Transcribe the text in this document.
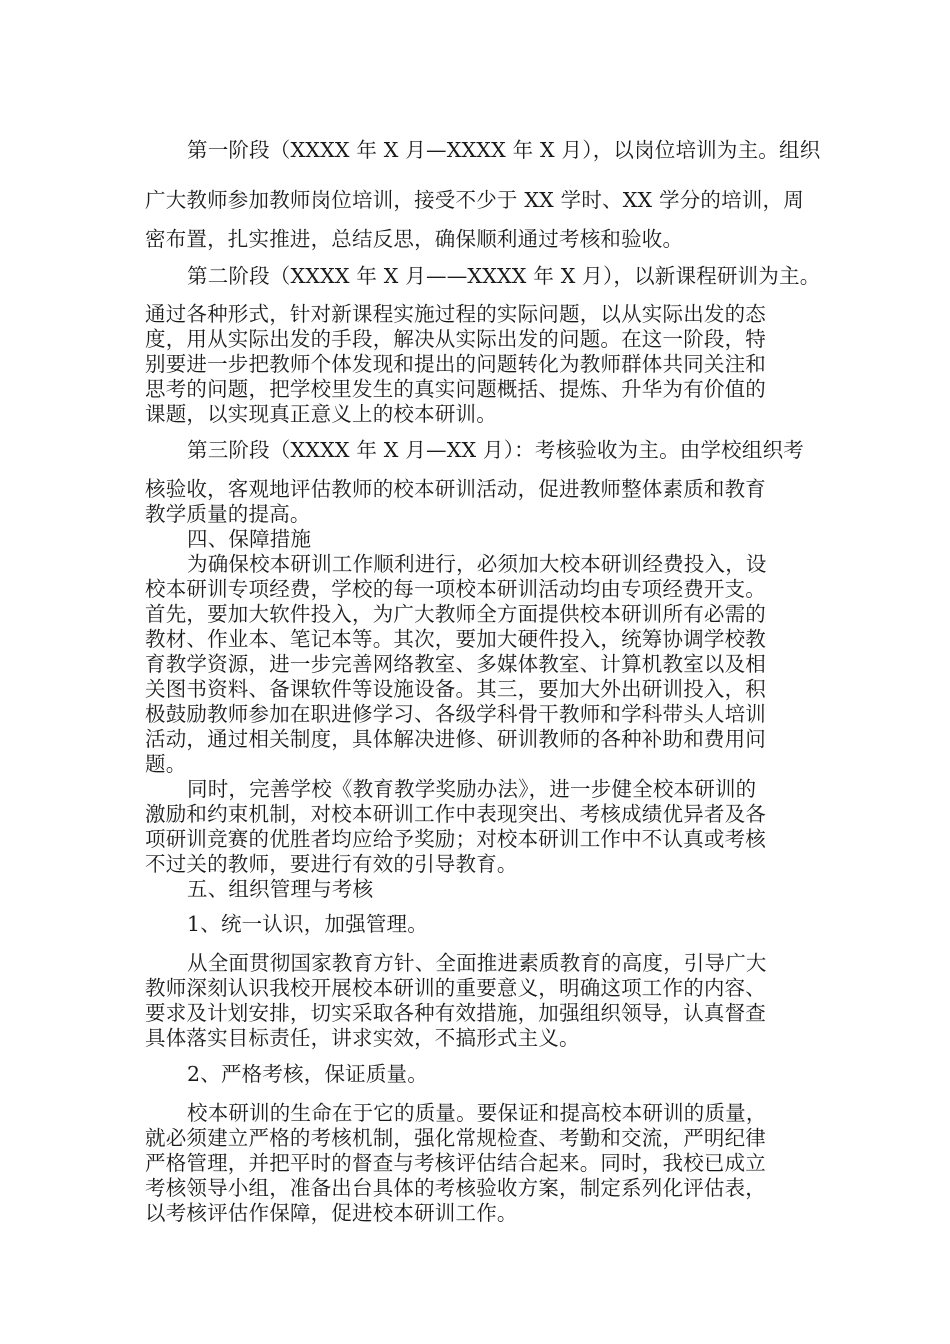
第一阶段（XXXX 年 X 月—XXXX 年 X 月），以岗位培训为主。组织
广大教师参加教师岗位培训，接受不少于 XX 学时、XX 学分的培训，周
密布置，扎实推进，总结反思，确保顺利通过考核和验收。
第二阶段（XXXX 年 X 月——XXXX 年 X 月），以新课程研训为主。
通过各种形式，针对新课程实施过程的实际问题，以从实际出发的态
度，用从实际出发的手段，解决从实际出发的问题。在这一阶段，特
别要进一步把教师个体发现和提出的问题转化为教师群体共同关注和
思考的问题，把学校里发生的真实问题概括、提炼、升华为有价值的
课题，以实现真正意义上的校本研训。
第三阶段（XXXX 年 X 月—XX 月）：考核验收为主。由学校组织考
核验收，客观地评估教师的校本研训活动，促进教师整体素质和教育
教学质量的提高。
四、保障措施
为确保校本研训工作顺利进行，必须加大校本研训经费投入，设
校本研训专项经费，学校的每一项校本研训活动均由专项经费开支。
首先，要加大软件投入，为广大教师全方面提供校本研训所有必需的
教材、作业本、笔记本等。其次，要加大硬件投入，统筹协调学校教
育教学资源，进一步完善网络教室、多媒体教室、计算机教室以及相
关图书资料、备课软件等设施设备。其三，要加大外出研训投入，积
极鼓励教师参加在职进修学习、各级学科骨干教师和学科带头人培训
活动，通过相关制度，具体解决进修、研训教师的各种补助和费用问
题。
同时，完善学校《教育教学奖励办法》，进一步健全校本研训的
激励和约束机制，对校本研训工作中表现突出、考核成绩优异者及各
项研训竞赛的优胜者均应给予奖励；对校本研训工作中不认真或考核
不过关的教师，要进行有效的引导教育。
五、组织管理与考核
1、统一认识，加强管理。
从全面贯彻国家教育方针、全面推进素质教育的高度，引导广大
教师深刻认识我校开展校本研训的重要意义，明确这项工作的内容、
要求及计划安排，切实采取各种有效措施，加强组织领导，认真督查
具体落实目标责任，讲求实效，不搞形式主义。
2、严格考核，保证质量。
校本研训的生命在于它的质量。要保证和提高校本研训的质量，
就必须建立严格的考核机制，强化常规检查、考勤和交流，严明纪律
严格管理，并把平时的督查与考核评估结合起来。同时，我校已成立
考核领导小组，准备出台具体的考核验收方案，制定系列化评估表，
以考核评估作保障，促进校本研训工作。
